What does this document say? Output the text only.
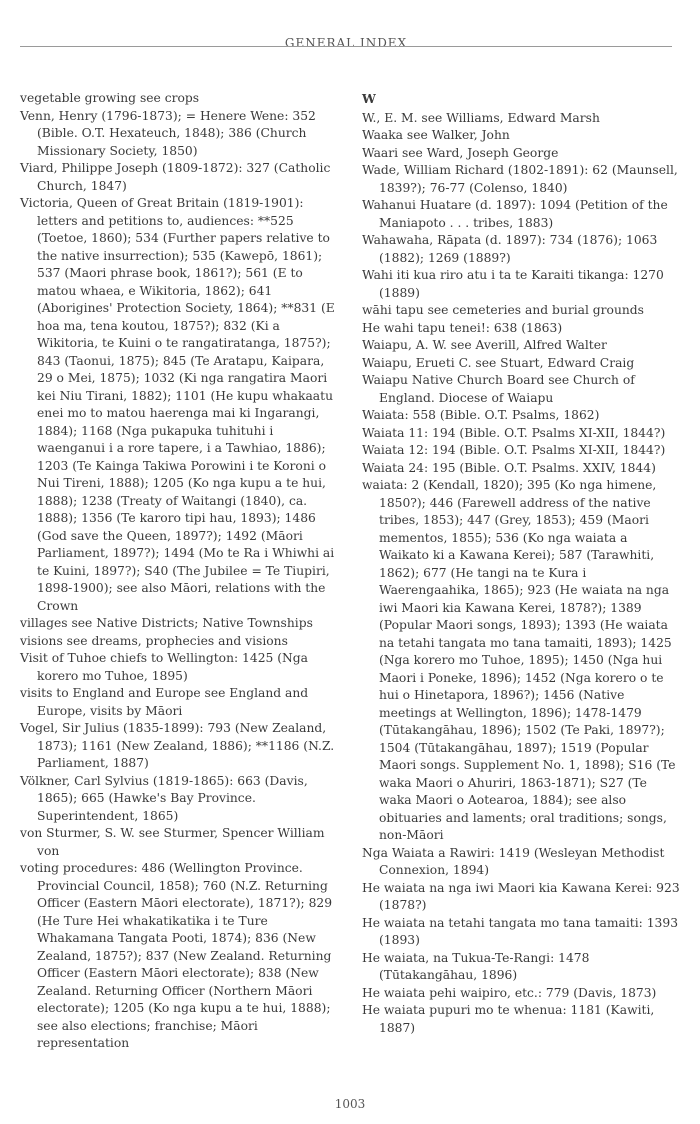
GENERAL INDEX

vegetable growing see crops

Venn, Henry (1796-1873); = Henere Wene: 352 (Bible. O.T. Hexateuch, 1848); 386 (Church Missionary Society, 1850)

Viard, Philippe Joseph (1809-1872): 327 (Catholic Church, 1847)

Victoria, Queen of Great Britain (1819-1901): letters and petitions to, audiences: **525 (Toetoe, 1860); 534 (Further papers relative to the native insurrection); 535 (Kawepō, 1861); 537 (Maori phrase book, 1861?); 561 (E to matou whaea, e Wikitoria, 1862); 641 (Aborigines' Protection Society, 1864); **831 (E hoa ma, tena koutou, 1875?); 832 (Ki a Wikitoria, te Kuini o te rangatiratanga, 1875?); 843 (Taonui, 1875); 845 (Te Aratapu, Kaipara, 29 o Mei, 1875); 1032 (Ki nga rangatira Maori kei Niu Tirani, 1882); 1101 (He kupu whakaatu enei mo to matou haerenga mai ki Ingarangi, 1884); 1168 (Nga pukapuka tuhituhi i waenganui i a rore tapere, i a Tawhiao, 1886); 1203 (Te Kainga Takiwa Porowini i te Koroni o Nui Tireni, 1888); 1205 (Ko nga kupu a te hui, 1888); 1238 (Treaty of Waitangi (1840), ca. 1888); 1356 (Te karoro tipi hau, 1893); 1486 (God save the Queen, 1897?); 1492 (Māori Parliament, 1897?); 1494 (Mo te Ra i Whiwhi ai te Kuini, 1897?); S40 (The Jubilee = Te Tiupiri, 1898-1900); see also Māori, relations with the Crown

villages see Native Districts; Native Townships

visions see dreams, prophecies and visions

Visit of Tuhoe chiefs to Wellington: 1425 (Nga korero mo Tuhoe, 1895)

visits to England and Europe see England and Europe, visits by Māori

Vogel, Sir Julius (1835-1899): 793 (New Zealand, 1873); 1161 (New Zealand, 1886); **1186 (N.Z. Parliament, 1887)

Völkner, Carl Sylvius (1819-1865): 663 (Davis, 1865); 665 (Hawke's Bay Province. Superintendent, 1865)

von Sturmer, S. W. see Sturmer, Spencer William von

voting procedures: 486 (Wellington Province. Provincial Council, 1858); 760 (N.Z. Returning Officer (Eastern Māori electorate), 1871?); 829 (He Ture Hei whakatikatika i te Ture Whakamana Tangata Pooti, 1874); 836 (New Zealand, 1875?); 837 (New Zealand. Returning Officer (Eastern Māori electorate); 838 (New Zealand. Returning Officer (Northern Māori electorate); 1205 (Ko nga kupu a te hui, 1888); see also elections; franchise; Māori representation

W

W., E. M. see Williams, Edward Marsh

Waaka see Walker, John

Waari see Ward, Joseph George

Wade, William Richard (1802-1891): 62 (Maunsell, 1839?); 76-77 (Colenso, 1840)

Wahanui Huatare (d. 1897): 1094 (Petition of the Maniapoto . . . tribes, 1883)

Wahawaha, Rāpata (d. 1897): 734 (1876); 1063 (1882); 1269 (1889?)

Wahi iti kua riro atu i ta te Karaiti tikanga: 1270 (1889)

wāhi tapu see cemeteries and burial grounds

He wahi tapu tenei!: 638 (1863)

Waiapu, A. W. see Averill, Alfred Walter

Waiapu, Erueti C. see Stuart, Edward Craig

Waiapu Native Church Board see Church of England. Diocese of Waiapu

Waiata: 558 (Bible. O.T. Psalms, 1862)

Waiata 11: 194 (Bible. O.T. Psalms XI-XII, 1844?)

Waiata 12: 194 (Bible. O.T. Psalms XI-XII, 1844?)

Waiata 24: 195 (Bible. O.T. Psalms. XXIV, 1844)

waiata: 2 (Kendall, 1820); 395 (Ko nga himene, 1850?); 446 (Farewell address of the native tribes, 1853); 447 (Grey, 1853); 459 (Maori mementos, 1855); 536 (Ko nga waiata a Waikato ki a Kawana Kerei); 587 (Tarawhiti, 1862); 677 (He tangi na te Kura i Waerengaahika, 1865); 923 (He waiata na nga iwi Maori kia Kawana Kerei, 1878?); 1389 (Popular Maori songs, 1893); 1393 (He waiata na tetahi tangata mo tana tamaiti, 1893); 1425 (Nga korero mo Tuhoe, 1895); 1450 (Nga hui Maori i Poneke, 1896); 1452 (Nga korero o te hui o Hinetapora, 1896?); 1456 (Native meetings at Wellington, 1896); 1478-1479 (Tūtakangāhau, 1896); 1502 (Te Paki, 1897?); 1504 (Tūtakangāhau, 1897); 1519 (Popular Maori songs. Supplement No. 1, 1898); S16 (Te waka Maori o Ahuriri, 1863-1871); S27 (Te waka Maori o Aotearoa, 1884); see also obituaries and laments; oral traditions; songs, non-Māori

Nga Waiata a Rawiri: 1419 (Wesleyan Methodist Connexion, 1894)

He waiata na nga iwi Maori kia Kawana Kerei: 923 (1878?)

He waiata na tetahi tangata mo tana tamaiti: 1393 (1893)

He waiata, na Tukua-Te-Rangi: 1478 (Tūtakangāhau, 1896)

He waiata pehi waipiro, etc.: 779 (Davis, 1873)

He waiata pupuri mo te whenua: 1181 (Kawiti, 1887)

1003
